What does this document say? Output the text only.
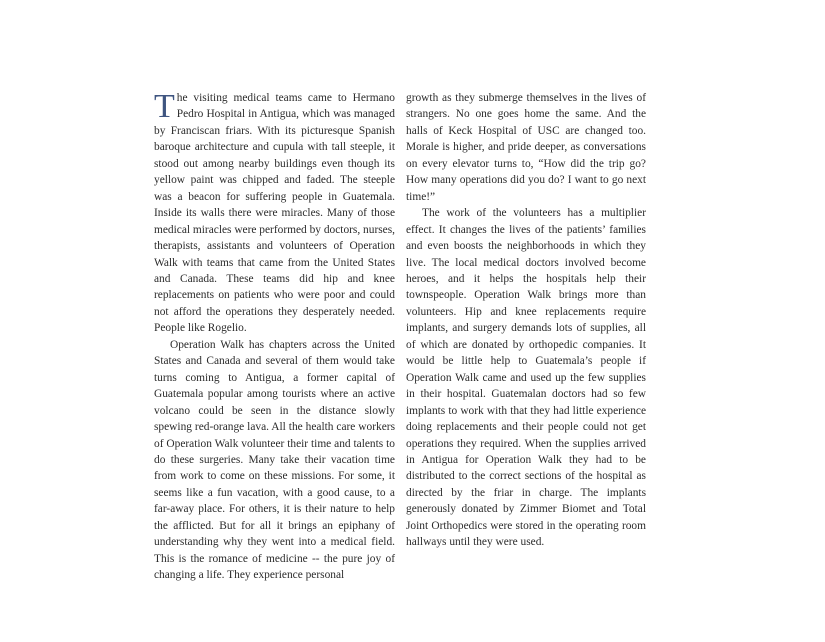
The visiting medical teams came to Hermano Pedro Hospital in Antigua, which was managed by Franciscan friars. With its picturesque Spanish baroque architecture and cupula with tall steeple, it stood out among nearby buildings even though its yellow paint was chipped and faded. The steeple was a beacon for suffering people in Guatemala. Inside its walls there were miracles. Many of those medical miracles were performed by doctors, nurses, therapists, assistants and volunteers of Operation Walk with teams that came from the United States and Canada. These teams did hip and knee replacements on patients who were poor and could not afford the operations they desperately needed. People like Rogelio.

Operation Walk has chapters across the United States and Canada and several of them would take turns coming to Antigua, a former capital of Guatemala popular among tourists where an active volcano could be seen in the distance slowly spewing red-orange lava. All the health care workers of Operation Walk volunteer their time and talents to do these surgeries. Many take their vacation time from work to come on these missions. For some, it seems like a fun vacation, with a good cause, to a far-away place. For others, it is their nature to help the afflicted. But for all it brings an epiphany of understanding why they went into a medical field. This is the romance of medicine -- the pure joy of changing a life. They experience personal

growth as they submerge themselves in the lives of strangers. No one goes home the same. And the halls of Keck Hospital of USC are changed too. Morale is higher, and pride deeper, as conversations on every elevator turns to, “How did the trip go? How many operations did you do? I want to go next time!”

The work of the volunteers has a multiplier effect. It changes the lives of the patients’ families and even boosts the neighborhoods in which they live. The local medical doctors involved become heroes, and it helps the hospitals help their townspeople. Operation Walk brings more than volunteers. Hip and knee replacements require implants, and surgery demands lots of supplies, all of which are donated by orthopedic companies. It would be little help to Guatemala’s people if Operation Walk came and used up the few supplies in their hospital. Guatemalan doctors had so few implants to work with that they had little experience doing replacements and their people could not get operations they required. When the supplies arrived in Antigua for Operation Walk they had to be distributed to the correct sections of the hospital as directed by the friar in charge. The implants generously donated by Zimmer Biomet and Total Joint Orthopedics were stored in the operating room hallways until they were used.
